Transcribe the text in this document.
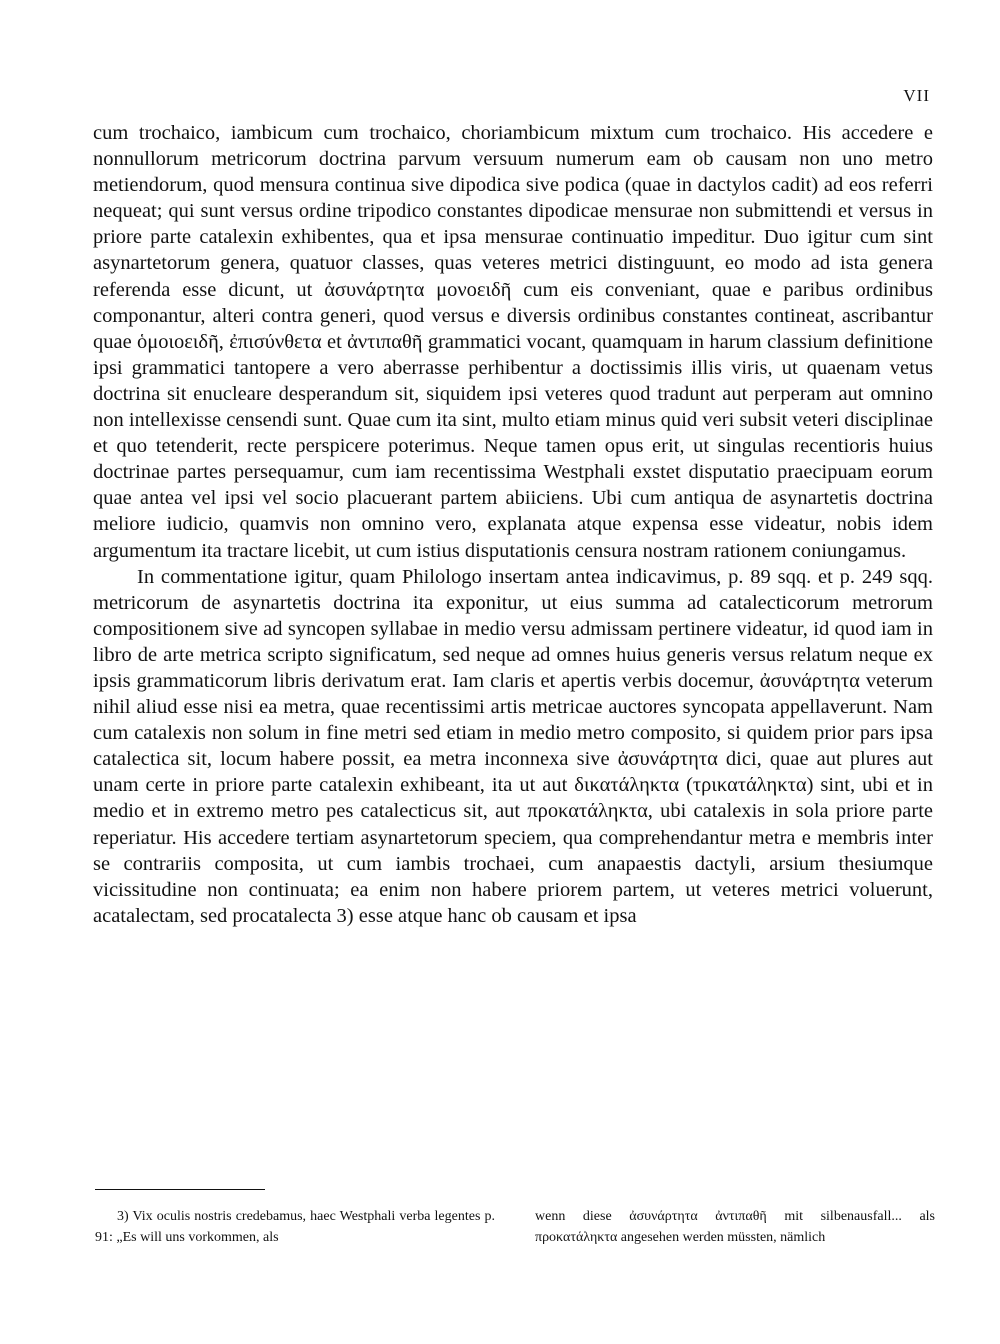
VII

cum trochaico, iambicum cum trochaico, choriambicum mixtum cum trochaico. His accedere e nonnullorum metricorum doctrina parvum versuum numerum eam ob causam non uno metro metiendorum, quod mensura continua sive dipodica sive podica (quae in dactylos cadit) ad eos referri nequeat; qui sunt versus ordine tripodico constantes dipodicae mensurae non submittendi et versus in priore parte catalexin exhibentes, qua et ipsa mensurae continuatio impeditur. Duo igitur cum sint asynartetorum genera, quatuor classes, quas veteres metrici distinguunt, eo modo ad ista genera referenda esse dicunt, ut ἀσυνάρτητα μονοειδῆ cum eis conveniant, quae e paribus ordinibus componantur, alteri contra generi, quod versus e diversis ordinibus constantes contineat, ascribantur quae ὁμοιοειδῆ, ἐπισύνθετα et ἀντιπαθῆ grammatici vocant, quamquam in harum classium definitione ipsi grammatici tantopere a vero aberrasse perhibentur a doctissimis illis viris, ut quaenam vetus doctrina sit enucleare desperandum sit, siquidem ipsi veteres quod tradunt aut perperam aut omnino non intellexisse censendi sunt. Quae cum ita sint, multo etiam minus quid veri subsit veteri disciplinae et quo tetenderit, recte perspicere poterimus. Neque tamen opus erit, ut singulas recentioris huius doctrinae partes persequamur, cum iam recentissima Westphali exstet disputatio praecipuam eorum quae antea vel ipsi vel socio placuerant partem abiiciens. Ubi cum antiqua de asynartetis doctrina meliore iudicio, quamvis non omnino vero, explanata atque expensa esse videatur, nobis idem argumentum ita tractare licebit, ut cum istius disputationis censura nostram rationem coniungamus.

In commentatione igitur, quam Philologo insertam antea indicavimus, p. 89 sqq. et p. 249 sqq. metricorum de asynartetis doctrina ita exponitur, ut eius summa ad catalecticorum metrorum compositionem sive ad syncopen syllabae in medio versu admissam pertinere videatur, id quod iam in libro de arte metrica scripto significatum, sed neque ad omnes huius generis versus relatum neque ex ipsis grammaticorum libris derivatum erat. Iam claris et apertis verbis docemur, ἀσυνάρτητα veterum nihil aliud esse nisi ea metra, quae recentissimi artis metricae auctores syncopata appellaverunt. Nam cum catalexis non solum in fine metri sed etiam in medio metro composito, si quidem prior pars ipsa catalectica sit, locum habere possit, ea metra inconnexa sive ἀσυνάρτητα dici, quae aut plures aut unam certe in priore parte catalexin exhibeant, ita ut aut δικατάληκτα (τρικατάληκτα) sint, ubi et in medio et in extremo metro pes catalecticus sit, aut προκατάληκτα, ubi catalexis in sola priore parte reperiatur. His accedere tertiam asynartetorum speciem, qua comprehendantur metra e membris inter se contrariis composita, ut cum iambis trochaei, cum anapaestis dactyli, arsium thesiumque vicissitudine non continuata; ea enim non habere priorem partem, ut veteres metrici voluerunt, acatalectam, sed procatalecta 3) esse atque hanc ob causam et ipsa

3) Vix oculis nostris credebamus, haec Westphali verba legentes p. 91: „Es will uns vorkommen, als

wenn diese ἀσυνάρτητα ἀντιπαθῆ mit silbenausfall... als προκατάληκτα angesehen werden müssten, nämlich
